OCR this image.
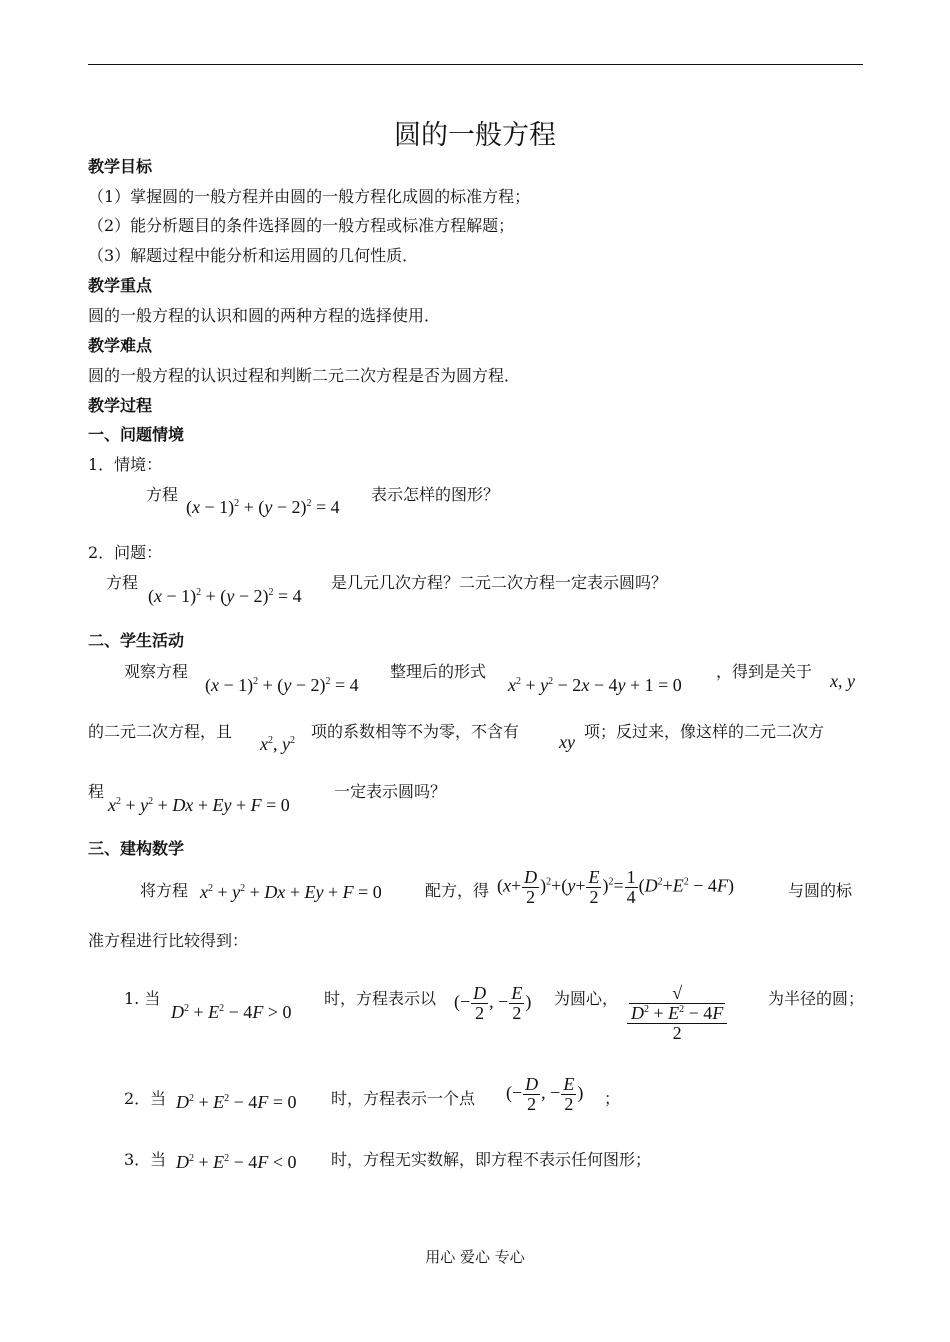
圆的一般方程
教学目标
（1）掌握圆的一般方程并由圆的一般方程化成圆的标准方程；
（2）能分析题目的条件选择圆的一般方程或标准方程解题；
（3）解题过程中能分析和运用圆的几何性质．
教学重点
圆的一般方程的认识和圆的两种方程的选择使用．
教学难点
圆的一般方程的认识过程和判断二元二次方程是否为圆方程．
教学过程
一、问题情境
1．情境：
方程
$(x - 1)^2 + (y - 2)^2 = 4$
表示怎样的图形？
2．问题：
方程
$(x - 1)^2 + (y - 2)^2 = 4$
是几元几次方程？二元二次方程一定表示圆吗？
二、学生活动
观察方程
$(x - 1)^2 + (y - 2)^2 = 4$
整理后的形式
$x^2 + y^2 - 2x - 4y + 1 = 0$
，得到是关于 x, y
的二元二次方程，且
$x^2$, $y^2$ 项的系数相等不为零，不含有
xy
项；反过来，像这样的二元二次方
程
$x^2 + y^2 + Dx + Ey + F = 0$
一定表示圆吗？
三、建构数学
将方程 $x^2 + y^2 + Dx + Ey + F = 0$	配方，得 $(x+ \frac{D}{2} )^2+(y+ \frac{E}{2} )^2= \frac{1}{4} (D^2+E^2 - 4F)$	与圆的标
准方程进行比较得到：
1. 当
$D^2 + E^2 - 4F > 0$
时，方程表示以 (− $\frac{D}{2}$ , − $\frac{E}{2}$ ) 为圆心， √
$D^2 + E^2 - 4F$
2	为半径的圆；
2．当 $D^2 + E^2 - 4F = 0$ 时，方程表示一个点 (− $\frac{D}{2}$ , − $\frac{E}{2}$ ) ；
3．当 $D^2 + E^2 - 4F < 0$ 时，方程无实数解，即方程不表示任何图形；
用心 爱心 专心
